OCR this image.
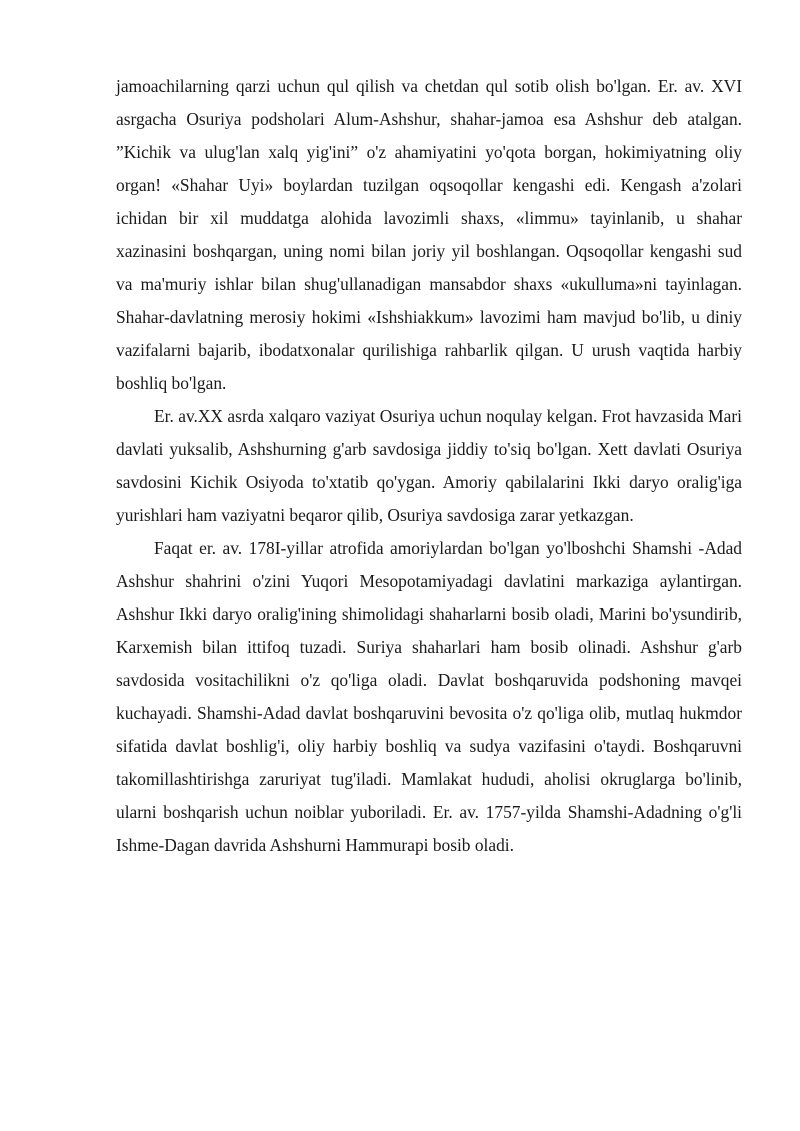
jamoachilarning qarzi uchun qul qilish va chetdan qul sotib olish bo'lgan. Er. av. XVI asrgacha Osuriya podsholari Alum-Ashshur, shahar-jamoa esa Ashshur deb atalgan. ”Kichik va ulug'lan xalq yig'ini” o'z ahamiyatini yo'qota borgan, hokimiyatning oliy organ! «Shahar Uyi» boylardan tuzilgan oqsoqollar kengashi edi. Kengash a'zolari ichidan bir xil muddatga alohida lavozimli shaxs, «limmu» tayinlanib, u shahar xazinasini boshqargan, uning nomi bilan joriy yil boshlangan. Oqsoqollar kengashi sud va ma'muriy ishlar bilan shug'ullanadigan mansabdor shaxs «ukulluma»ni tayinlagan. Shahar-davlatning merosiy hokimi «Ishshiakkum» lavozimi ham mavjud bo'lib, u diniy vazifalarni bajarib, ibodatxonalar qurilishiga rahbarlik qilgan. U urush vaqtida harbiy boshliq bo'lgan.

Er. av.XX asrda xalqaro vaziyat Osuriya uchun noqulay kelgan. Frot havzasida Mari davlati yuksalib, Ashshurning g'arb savdosiga jiddiy to'siq bo'lgan. Xett davlati Osuriya savdosini Kichik Osiyoda to'xtatib qo'ygan. Amoriy qabilalarini Ikki daryo oralig'iga yurishlari ham vaziyatni beqaror qilib, Osuriya savdosiga zarar yetkazgan.

Faqat er. av. 178I-yillar atrofida amoriylardan bo'lgan yo'lboshchi Shamshi -Adad Ashshur shahrini o'zini Yuqori Mesopotamiyadagi davlatini markaziga aylantirgan. Ashshur Ikki daryo oralig'ining shimolidagi shaharlarni bosib oladi, Marini bo'ysundirib, Karxemish bilan ittifoq tuzadi. Suriya shaharlari ham bosib olinadi. Ashshur g'arb savdosida vositachilikni o'z qo'liga oladi. Davlat boshqaruvida podshoning mavqei kuchayadi. Shamshi-Adad davlat boshqaruvini bevosita o'z qo'liga olib, mutlaq hukmdor sifatida davlat boshlig'i, oliy harbiy boshliq va sudya vazifasini o'taydi. Boshqaruvni takomillashtirishga zaruriyat tug'iladi. Mamlakat hududi, aholisi okruglarga bo'linib, ularni boshqarish uchun noiblar yuboriladi. Er. av. 1757-yilda Shamshi-Adadning o'g'li Ishme-Dagan davrida Ashshurni Hammurapi bosib oladi.
